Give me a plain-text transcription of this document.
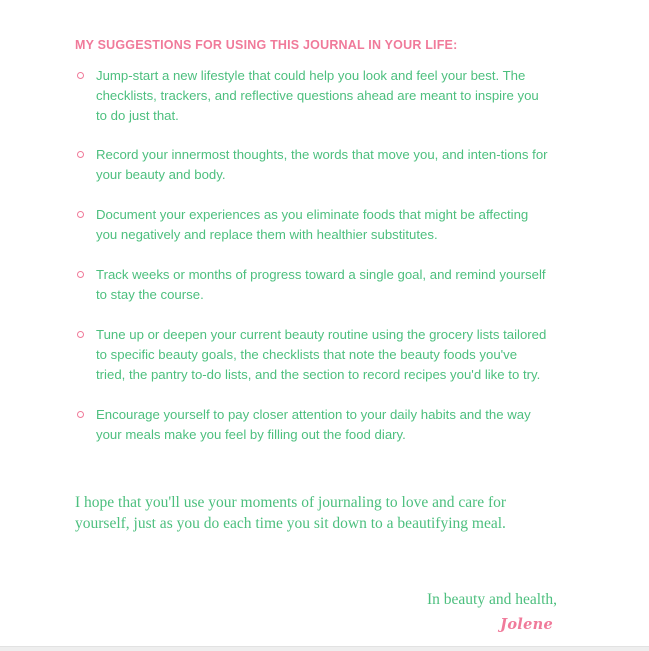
MY SUGGESTIONS FOR USING THIS JOURNAL IN YOUR LIFE:
Jump-start a new lifestyle that could help you look and feel your best. The checklists, trackers, and reflective questions ahead are meant to inspire you to do just that.
Record your innermost thoughts, the words that move you, and inten-tions for your beauty and body.
Document your experiences as you eliminate foods that might be affecting you negatively and replace them with healthier substitutes.
Track weeks or months of progress toward a single goal, and remind yourself to stay the course.
Tune up or deepen your current beauty routine using the grocery lists tailored to specific beauty goals, the checklists that note the beauty foods you've tried, the pantry to-do lists, and the section to record recipes you'd like to try.
Encourage yourself to pay closer attention to your daily habits and the way your meals make you feel by filling out the food diary.
I hope that you'll use your moments of journaling to love and care for yourself, just as you do each time you sit down to a beautifying meal.
In beauty and health,
Jolene
